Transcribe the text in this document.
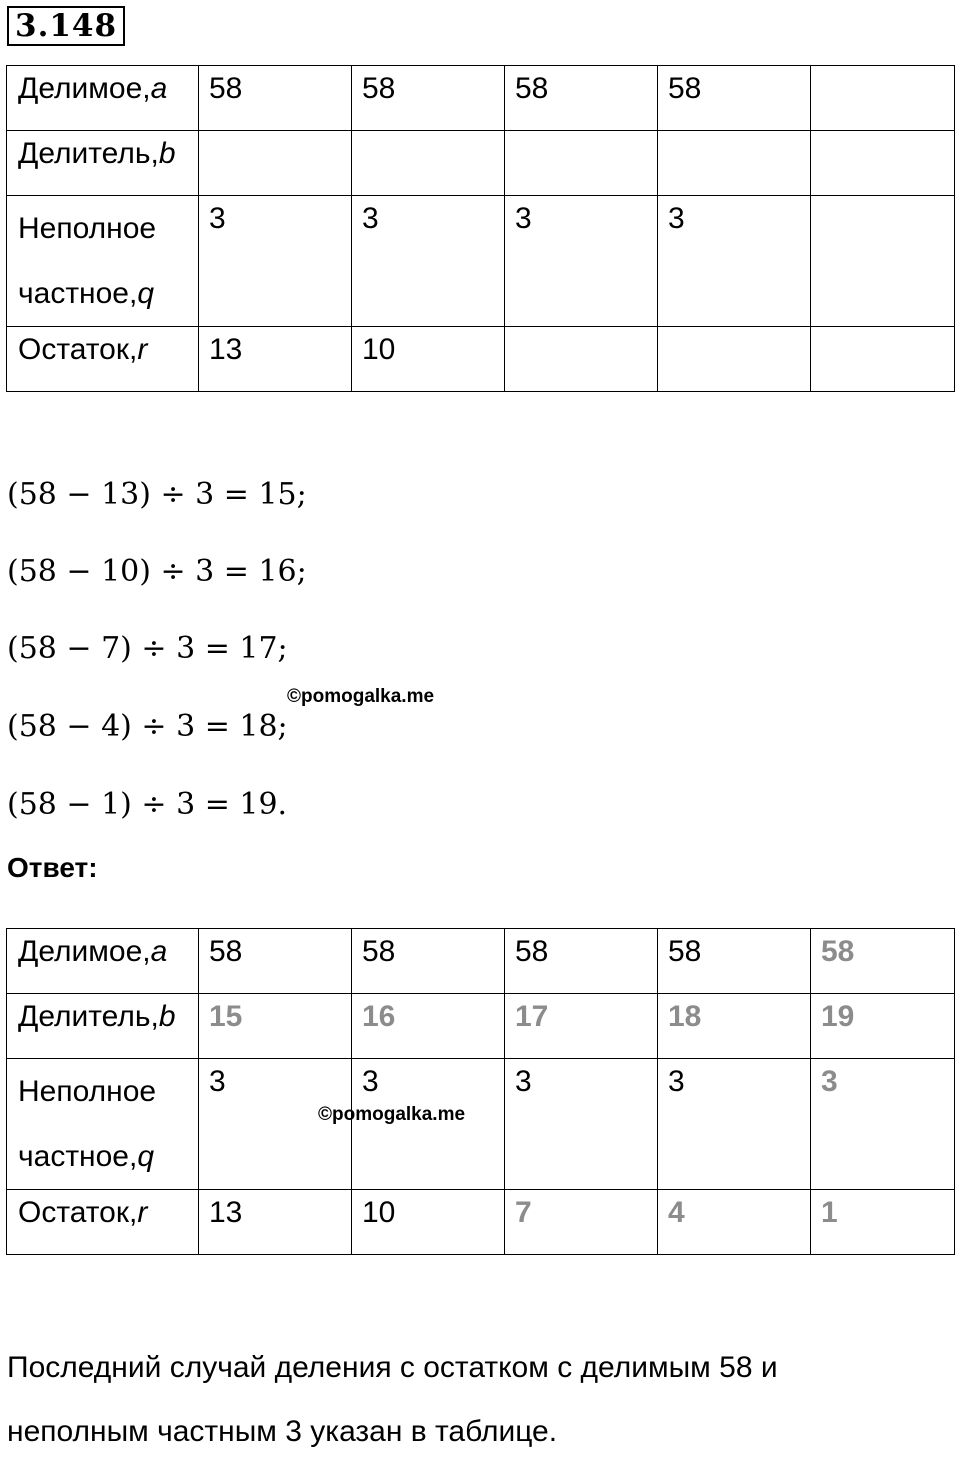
3.148
Делимое,a	58	58	58	58	
Делитель,b					

Неполное
частное,q	3	3	3	3	
Остаток,r	13	10			
(58 − 13) ÷ 3 = 15;
(58 − 10) ÷ 3 = 16;
(58 − 7) ÷ 3 = 17;
(58 − 4) ÷ 3 = 18;
(58 − 1) ÷ 3 = 19.
©pomogalka.me
Ответ:
Делимое,a	58	58	58	58	58
Делитель,b	15	16	17	18	19

Неполное
частное,q	3	3	3	3	3
Остаток,r	13	10	7	4	1
©pomogalka.me
Последний случай деления с остатком с делимым 58 и
неполным частным 3 указан в таблице.
